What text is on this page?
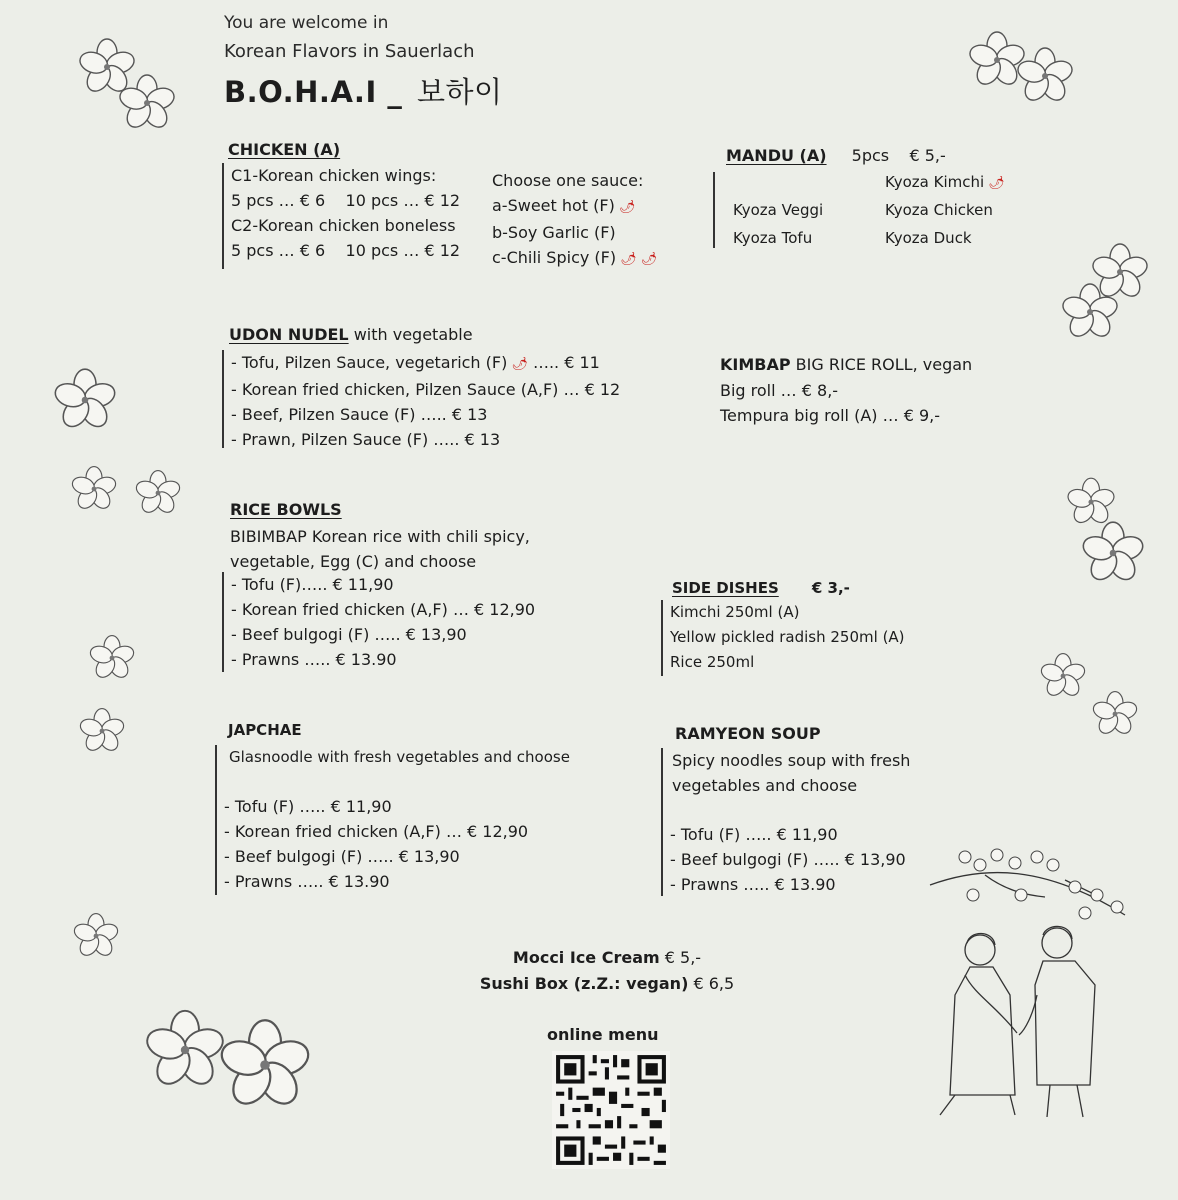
You are welcome in
Korean Flavors in Sauerlach
B.O.H.A.I _ 보하이
CHICKEN (A)
C1-Korean chicken wings:
5 pcs … € 6    10 pcs … € 12
C2-Korean chicken boneless
5 pcs … € 6    10 pcs … € 12
Choose one sauce:
a-Sweet hot (F) 🌶
b-Soy Garlic (F)
c-Chili Spicy (F) 🌶 🌶
MANDU (A) 5pcs    € 5,-
Kyoza Kimchi 🌶
Kyoza Veggi
Kyoza Tofu
Kyoza Chicken
Kyoza Duck
UDON NUDEL with vegetable
- Tofu, Pilzen Sauce, vegetarich (F) 🌶 ….. € 11
- Korean fried chicken, Pilzen Sauce (A,F) … € 12
- Beef, Pilzen Sauce (F) ….. € 13
- Prawn, Pilzen Sauce (F) ….. € 13
KIMBAP BIG RICE ROLL, vegan
Big roll … € 8,-
Tempura big roll (A) … € 9,-
RICE BOWLS
BIBIMBAP Korean rice with chili spicy,
vegetable, Egg (C) and choose
- Tofu (F)….. € 11,90
- Korean fried chicken (A,F) … € 12,90
- Beef bulgogi (F) ….. € 13,90
- Prawns ….. € 13.90
SIDE DISHES € 3,-
Kimchi 250ml (A)
Yellow pickled radish 250ml (A)
Rice 250ml
JAPCHAE
Glasnoodle with fresh vegetables and choose
- Tofu (F) ….. € 11,90
- Korean fried chicken (A,F) … € 12,90
- Beef bulgogi (F) ….. € 13,90
- Prawns ….. € 13.90
RAMYEON SOUP
Spicy noodles soup with fresh
vegetables and choose
- Tofu (F) ….. € 11,90
- Beef bulgogi (F) ….. € 13,90
- Prawns ….. € 13.90
Mocci Ice Cream € 5,-
Sushi Box (z.Z.: vegan) € 6,5
online menu
